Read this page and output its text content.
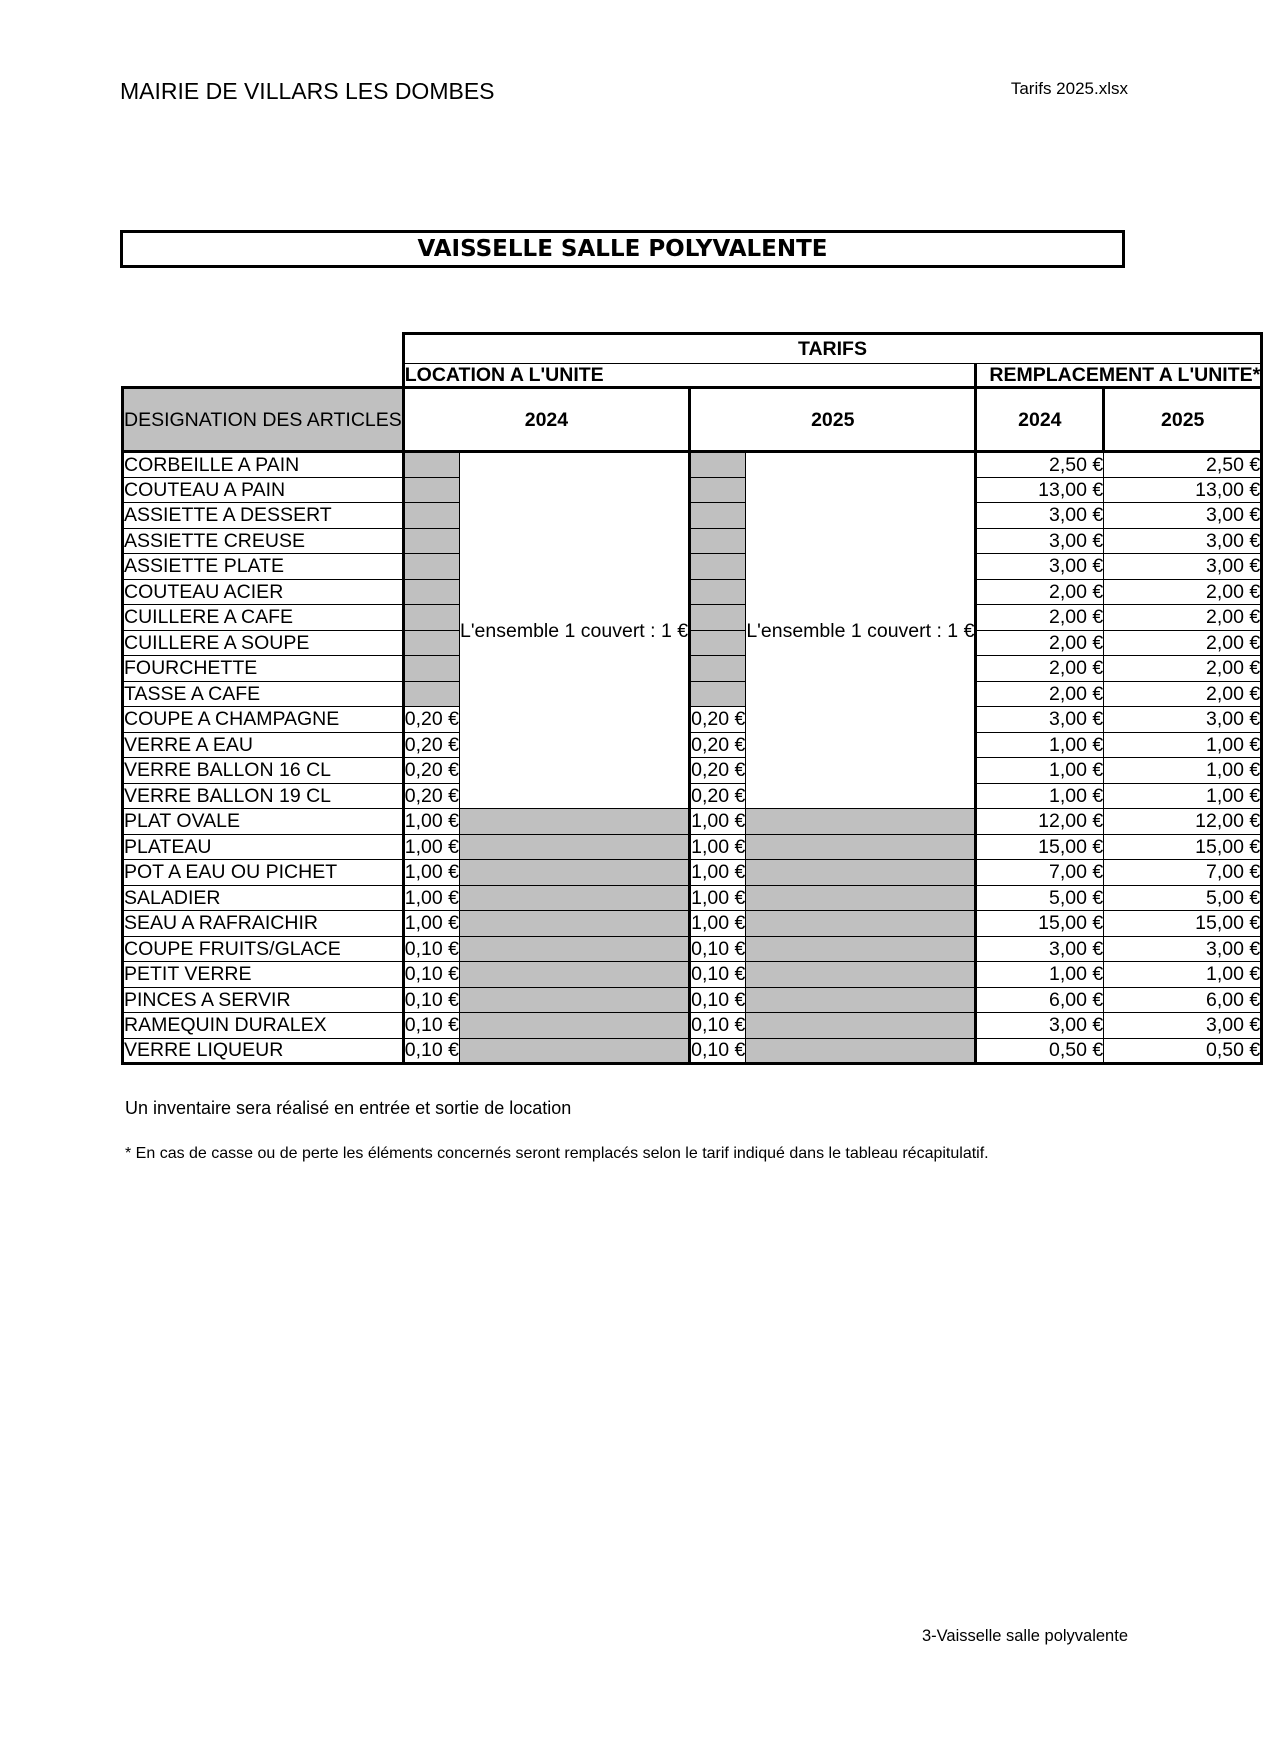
MAIRIE DE VILLARS LES DOMBES	Tarifs 2025.xlsx
VAISSELLE SALLE POLYVALENTE
	TARIFS					
	LOCATION A L'UNITE				REMPLACEMENT A L'UNITE*	
DESIGNATION DES ARTICLES	2024		2025		2024	2025
CORBEILLE A PAIN		L'ensemble 1 couvert : 1 €		L'ensemble 1 couvert : 1 €	2,50 €	2,50 €
COUTEAU A PAIN					13,00 €	13,00 €
ASSIETTE A DESSERT					3,00 €	3,00 €
ASSIETTE CREUSE					3,00 €	3,00 €
ASSIETTE PLATE					3,00 €	3,00 €
COUTEAU ACIER					2,00 €	2,00 €
CUILLERE A CAFE					2,00 €	2,00 €
CUILLERE A SOUPE					2,00 €	2,00 €
FOURCHETTE					2,00 €	2,00 €
TASSE A CAFE					2,00 €	2,00 €
COUPE A CHAMPAGNE	0,20 €		0,20 €		3,00 €	3,00 €
VERRE A EAU	0,20 €		0,20 €		1,00 €	1,00 €
VERRE BALLON 16 CL	0,20 €		0,20 €		1,00 €	1,00 €
VERRE BALLON 19 CL	0,20 €		0,20 €		1,00 €	1,00 €
PLAT OVALE	1,00 €		1,00 €		12,00 €	12,00 €
PLATEAU	1,00 €		1,00 €		15,00 €	15,00 €
POT A EAU OU PICHET	1,00 €		1,00 €		7,00 €	7,00 €
SALADIER	1,00 €		1,00 €		5,00 €	5,00 €
SEAU A RAFRAICHIR	1,00 €		1,00 €		15,00 €	15,00 €
COUPE FRUITS/GLACE	0,10 €		0,10 €		3,00 €	3,00 €
PETIT VERRE	0,10 €		0,10 €		1,00 €	1,00 €
PINCES A SERVIR	0,10 €		0,10 €		6,00 €	6,00 €
RAMEQUIN DURALEX	0,10 €		0,10 €		3,00 €	3,00 €
VERRE LIQUEUR	0,10 €		0,10 €		0,50 €	0,50 €
Un inventaire sera réalisé en entrée et sortie de location
* En cas de casse ou de perte les éléments concernés seront remplacés selon le tarif indiqué dans le tableau récapitulatif.
3-Vaisselle salle polyvalente
